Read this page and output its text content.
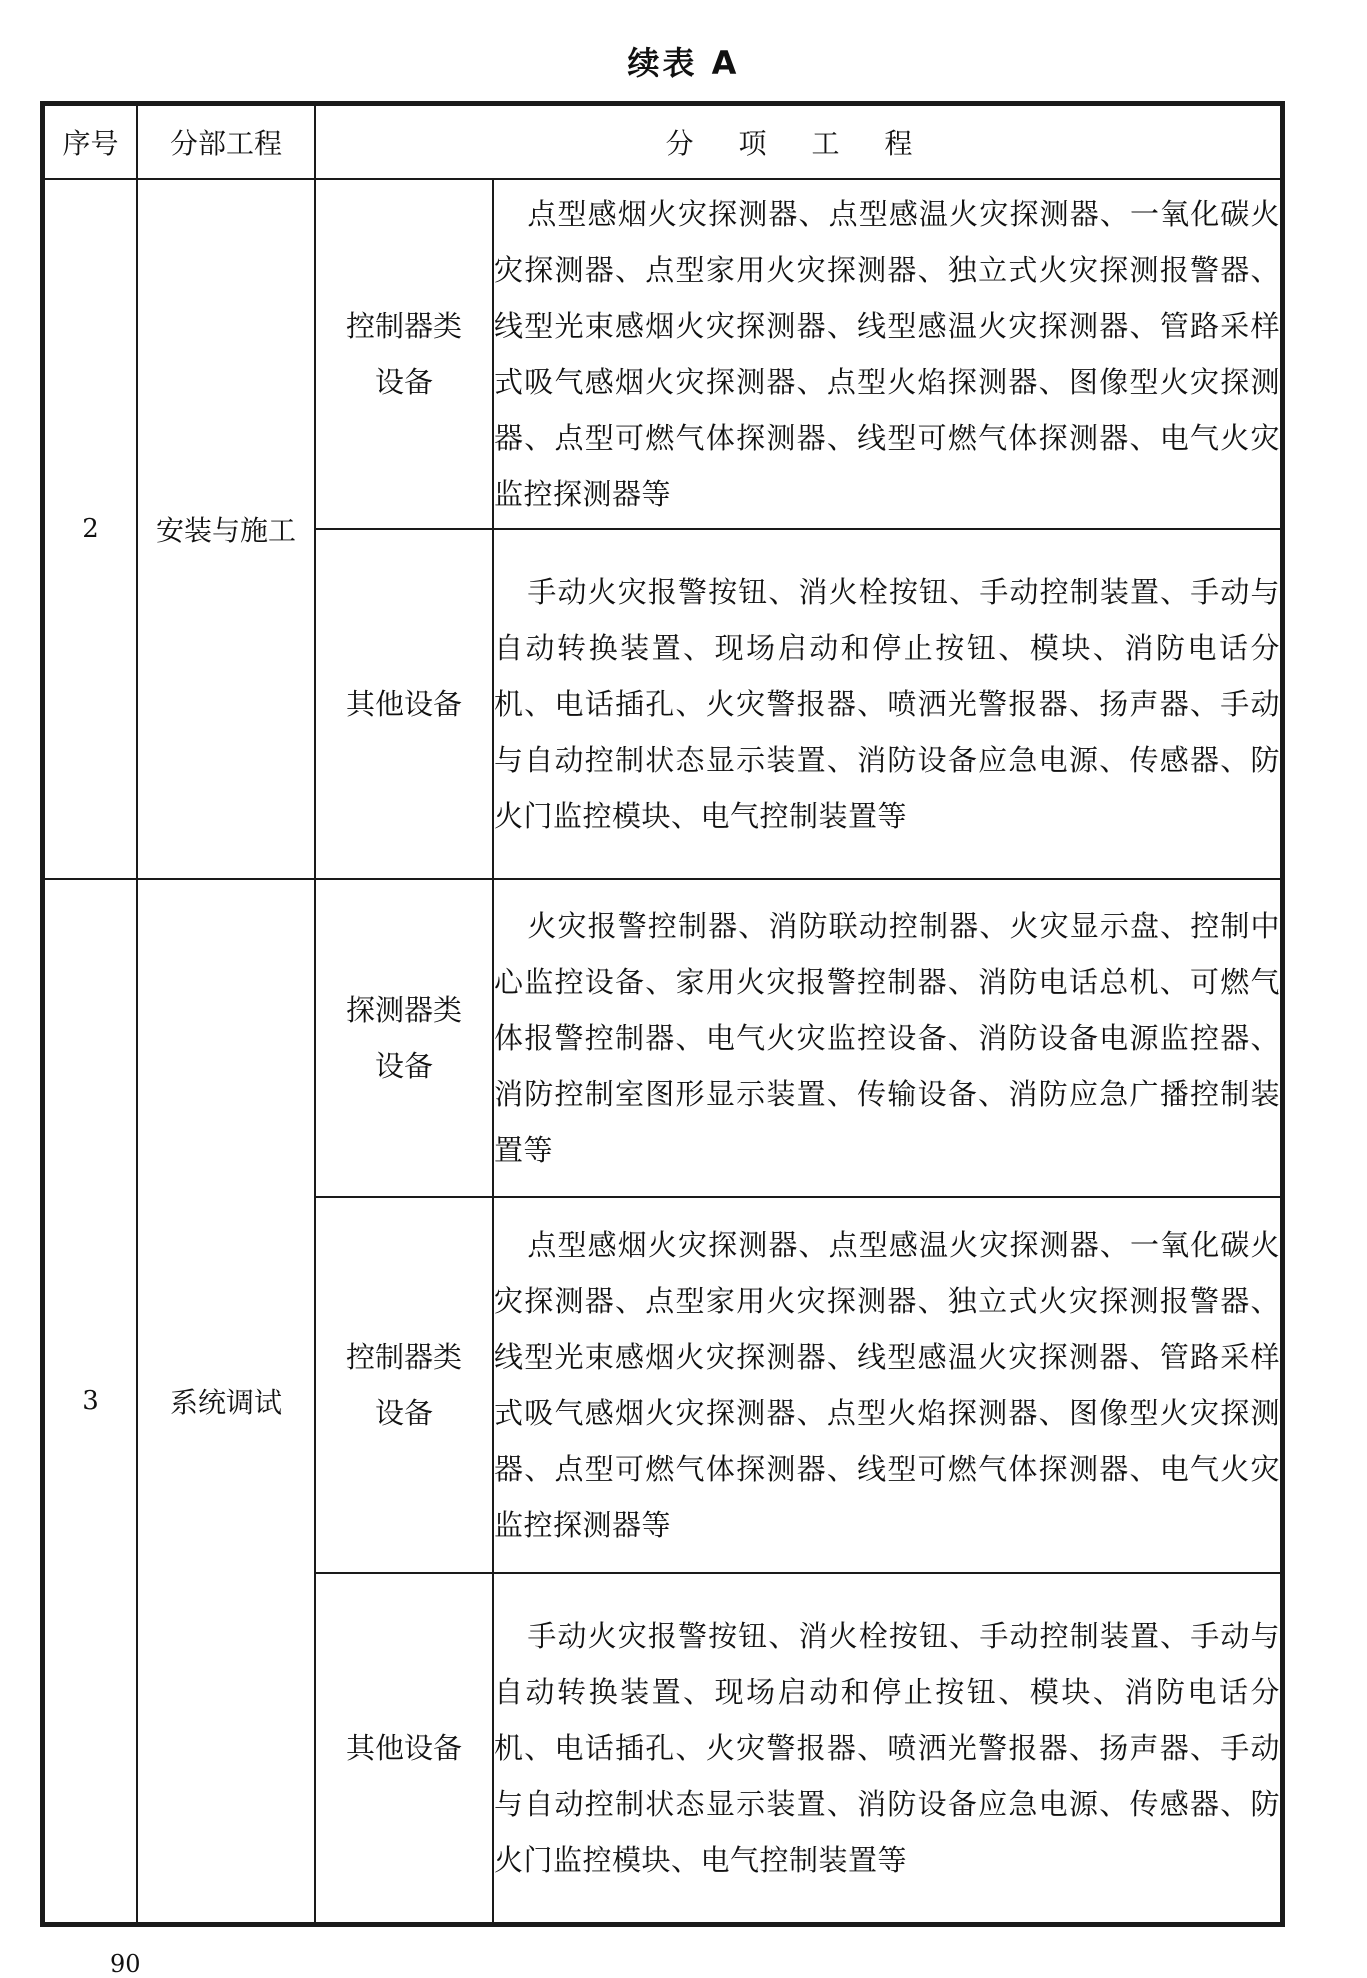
续表 A
序号	分部工程	分 项 工 程	
2	安装与施工	控制器类设备	点型感烟火灾探测器、点型感温火灾探测器、一氧化碳火灾探测器、点型家用火灾探测器、独立式火灾探测报警器、线型光束感烟火灾探测器、线型感温火灾探测器、管路采样式吸气感烟火灾探测器、点型火焰探测器、图像型火灾探测器、点型可燃气体探测器、线型可燃气体探测器、电气火灾监控探测器等
		其他设备	手动火灾报警按钮、消火栓按钮、手动控制装置、手动与自动转换装置、现场启动和停止按钮、模块、消防电话分机、电话插孔、火灾警报器、喷洒光警报器、扬声器、手动与自动控制状态显示装置、消防设备应急电源、传感器、防火门监控模块、电气控制装置等
3	系统调试	探测器类设备	火灾报警控制器、消防联动控制器、火灾显示盘、控制中心监控设备、家用火灾报警控制器、消防电话总机、可燃气体报警控制器、电气火灾监控设备、消防设备电源监控器、消防控制室图形显示装置、传输设备、消防应急广播控制装置等
		控制器类设备	点型感烟火灾探测器、点型感温火灾探测器、一氧化碳火灾探测器、点型家用火灾探测器、独立式火灾探测报警器、线型光束感烟火灾探测器、线型感温火灾探测器、管路采样式吸气感烟火灾探测器、点型火焰探测器、图像型火灾探测器、点型可燃气体探测器、线型可燃气体探测器、电气火灾监控探测器等
		其他设备	手动火灾报警按钮、消火栓按钮、手动控制装置、手动与自动转换装置、现场启动和停止按钮、模块、消防电话分机、电话插孔、火灾警报器、喷洒光警报器、扬声器、手动与自动控制状态显示装置、消防设备应急电源、传感器、防火门监控模块、电气控制装置等
90
